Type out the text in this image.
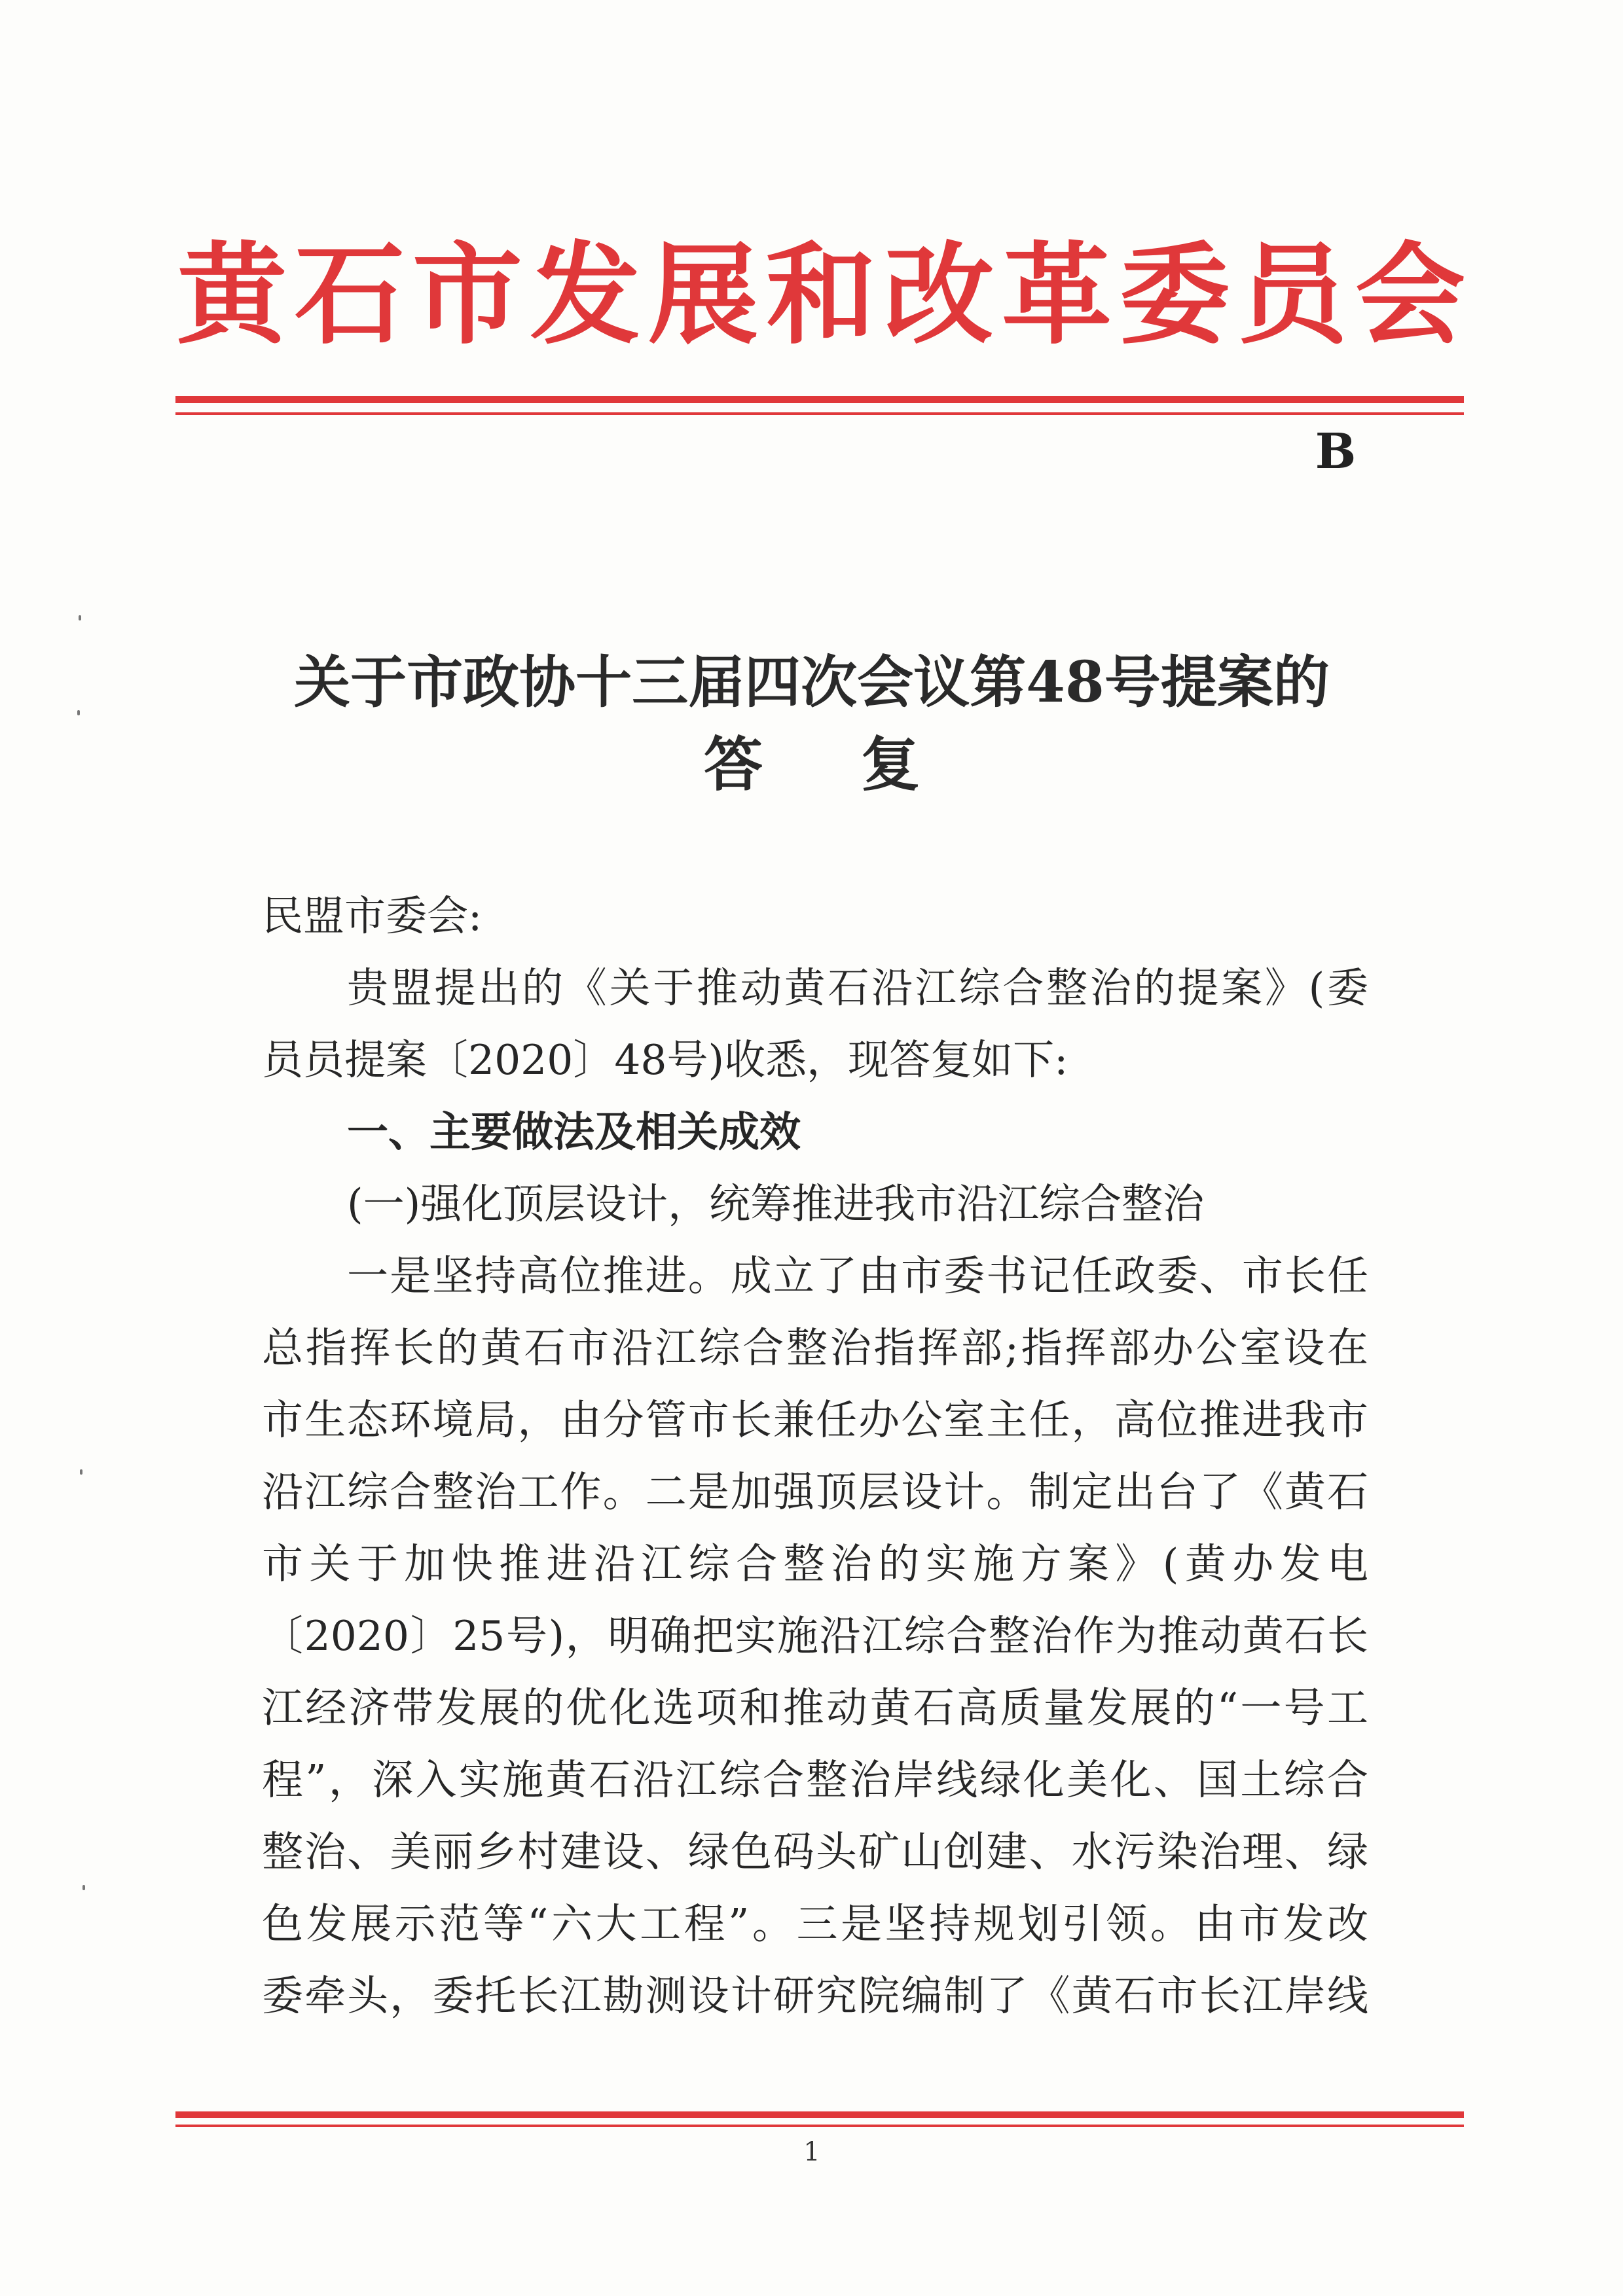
黄石市发展和改革委员会
B
关于市政协十三届四次会议第48号提案的
答复
民盟市委会:
贵盟提出的《关于推动黄石沿江综合整治的提案》(委
员员提案〔2020〕48号)收悉，现答复如下:
一、主要做法及相关成效
(一)强化顶层设计，统筹推进我市沿江综合整治
一是坚持高位推进。成立了由市委书记任政委、市长任
总指挥长的黄石市沿江综合整治指挥部;指挥部办公室设在
市生态环境局，由分管市长兼任办公室主任，高位推进我市
沿江综合整治工作。二是加强顶层设计。制定出台了《黄石
市关于加快推进沿江综合整治的实施方案》(黄办发电
〔2020〕25号)，明确把实施沿江综合整治作为推动黄石长
江经济带发展的优化选项和推动黄石高质量发展的“一号工
程”，深入实施黄石沿江综合整治岸线绿化美化、国土综合
整治、美丽乡村建设、绿色码头矿山创建、水污染治理、绿
色发展示范等“六大工程”。三是坚持规划引领。由市发改
委牵头，委托长江勘测设计研究院编制了《黄石市长江岸线
1
